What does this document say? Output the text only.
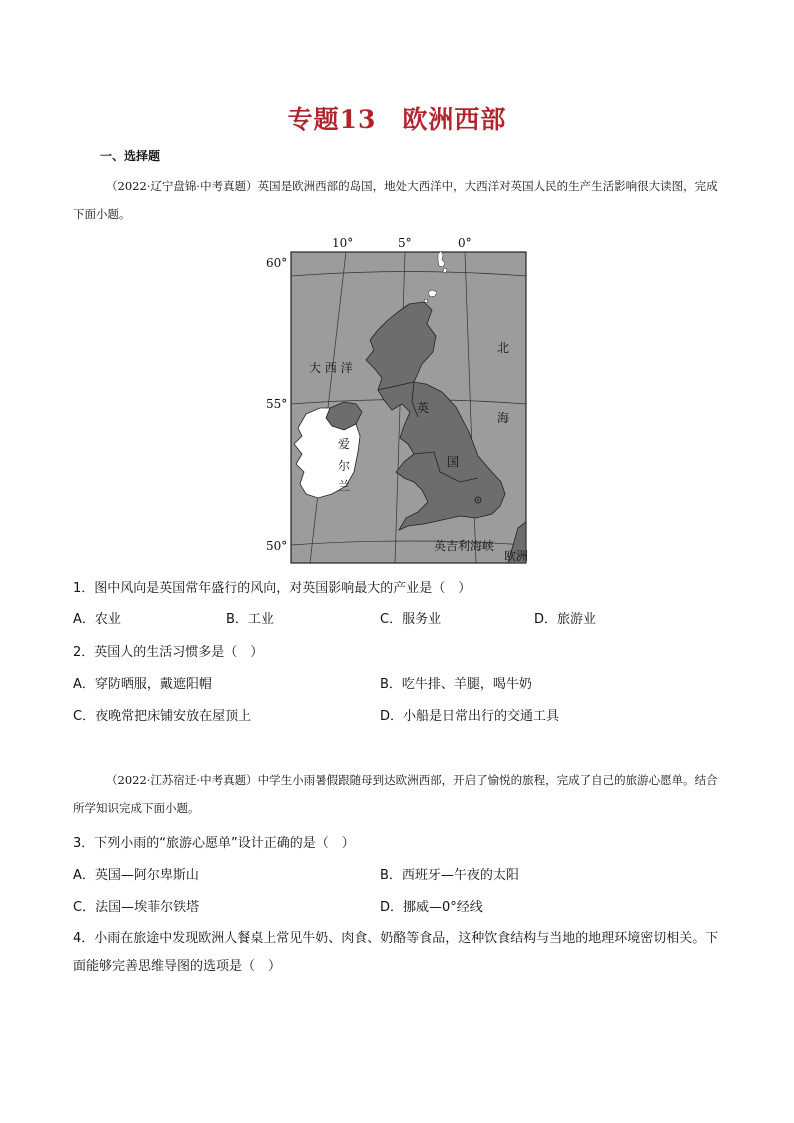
专题13　欧洲西部
一、选择题
（2022·辽宁盘锦·中考真题）英国是欧洲西部的岛国，地处大西洋中，大西洋对英国人民的生产生活影响很大读图，完成下面小题。
10°	5°	0°
60°
55°
50°
大 西 洋
北
海
英
国
爱
尔
兰
英吉利海峡
欧洲
1．图中风向是英国常年盛行的风向，对英国影响最大的产业是（　）
A．农业	B．工业	C．服务业	D．旅游业
2．英国人的生活习惯多是（　）
A．穿防晒服，戴遮阳帽	B．吃牛排、羊腿，喝牛奶
C．夜晚常把床铺安放在屋顶上	D．小船是日常出行的交通工具
（2022·江苏宿迁·中考真题）中学生小雨暑假跟随母到达欧洲西部，开启了愉悦的旅程，完成了自己的旅游心愿单。结合所学知识完成下面小题。
3．下列小雨的“旅游心愿单”设计正确的是（　）
A．英国—阿尔卑斯山	B．西班牙—午夜的太阳
C．法国—埃菲尔铁塔	D．挪威—0°经线
4．小雨在旅途中发现欧洲人餐桌上常见牛奶、肉食、奶酪等食品，这种饮食结构与当地的地理环境密切相关。下面能够完善思维导图的选项是（　）
